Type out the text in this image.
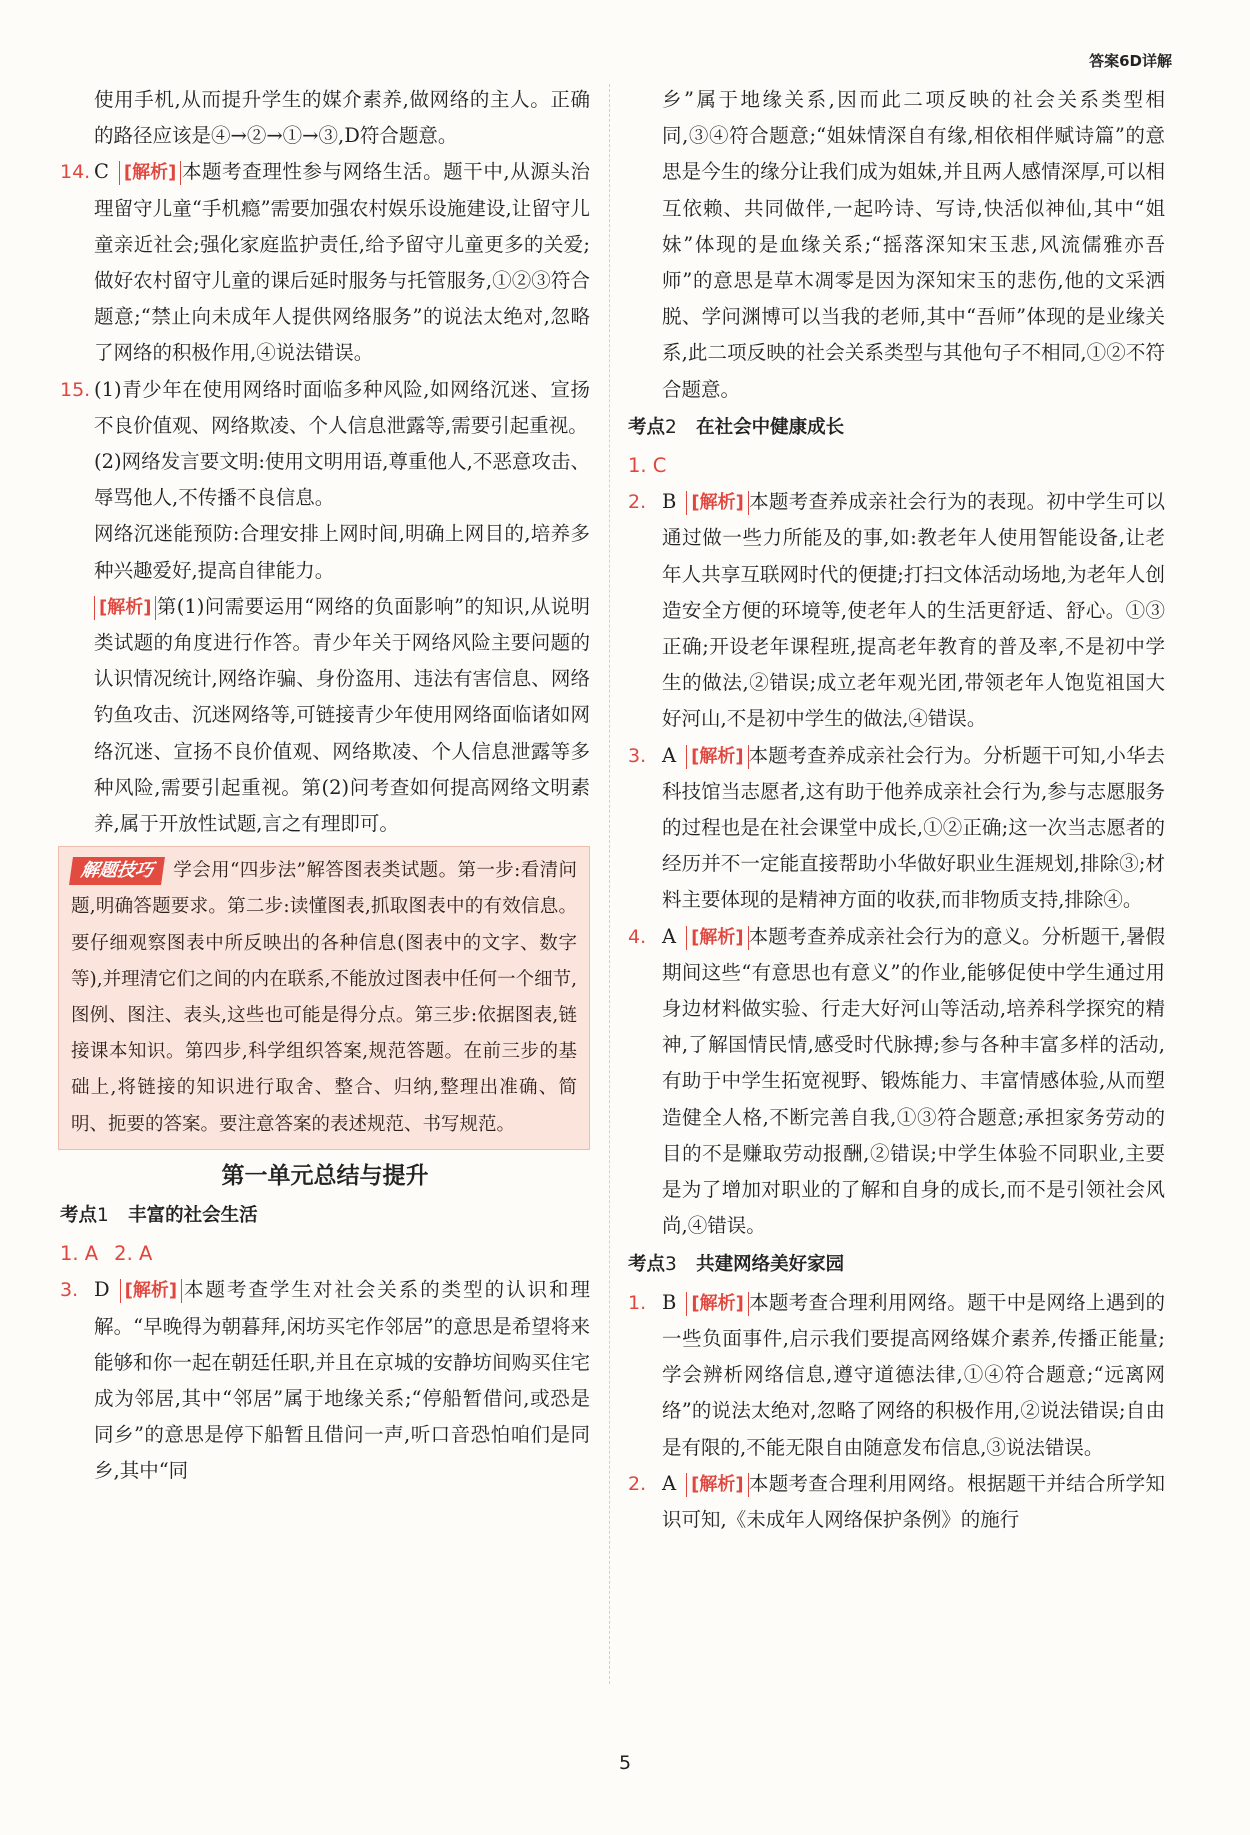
答案6D详解

使用手机,从而提升学生的媒介素养,做网络的主人。正确的路径应该是④→②→①→③,D符合题意。

14. C [解析] 本题考查理性参与网络生活。题干中,从源头治理留守儿童“手机瘾”需要加强农村娱乐设施建设,让留守儿童亲近社会;强化家庭监护责任,给予留守儿童更多的关爱;做好农村留守儿童的课后延时服务与托管服务,①②③符合题意;“禁止向未成年人提供网络服务”的说法太绝对,忽略了网络的积极作用,④说法错误。

15. (1)青少年在使用网络时面临多种风险,如网络沉迷、宣扬不良价值观、网络欺凌、个人信息泄露等,需要引起重视。

(2)网络发言要文明:使用文明用语,尊重他人,不恶意攻击、辱骂他人,不传播不良信息。

网络沉迷能预防:合理安排上网时间,明确上网目的,培养多种兴趣爱好,提高自律能力。

[解析] 第(1)问需要运用“网络的负面影响”的知识,从说明类试题的角度进行作答。青少年关于网络风险主要问题的认识情况统计,网络诈骗、身份盗用、违法有害信息、网络钓鱼攻击、沉迷网络等,可链接青少年使用网络面临诸如网络沉迷、宣扬不良价值观、网络欺凌、个人信息泄露等多种风险,需要引起重视。第(2)问考查如何提高网络文明素养,属于开放性试题,言之有理即可。

解题技巧 学会用“四步法”解答图表类试题。第一步:看清问题,明确答题要求。第二步:读懂图表,抓取图表中的有效信息。要仔细观察图表中所反映出的各种信息(图表中的文字、数字等),并理清它们之间的内在联系,不能放过图表中任何一个细节,图例、图注、表头,这些也可能是得分点。第三步:依据图表,链接课本知识。第四步,科学组织答案,规范答题。在前三步的基础上,将链接的知识进行取舍、整合、归纳,整理出准确、简明、扼要的答案。要注意答案的表述规范、书写规范。

第一单元总结与提升
考点1 丰富的社会生活
1. A 2. A
3. D [解析] 本题考查学生对社会关系的类型的认识和理解。“早晚得为朝暮拜,闲坊买宅作邻居”的意思是希望将来能够和你一起在朝廷任职,并且在京城的安静坊间购买住宅成为邻居,其中“邻居”属于地缘关系;“停船暂借问,或恐是同乡”的意思是停下船暂且借问一声,听口音恐怕咱们是同乡,其中“同

乡”属于地缘关系,因而此二项反映的社会关系类型相同,③④符合题意;“姐妹情深自有缘,相依相伴赋诗篇”的意思是今生的缘分让我们成为姐妹,并且两人感情深厚,可以相互依赖、共同做伴,一起吟诗、写诗,快活似神仙,其中“姐妹”体现的是血缘关系;“摇落深知宋玉悲,风流儒雅亦吾师”的意思是草木凋零是因为深知宋玉的悲伤,他的文采洒脱、学问渊博可以当我的老师,其中“吾师”体现的是业缘关系,此二项反映的社会关系类型与其他句子不相同,①②不符合题意。

考点2 在社会中健康成长
1. C
2. B [解析] 本题考查养成亲社会行为的表现。初中学生可以通过做一些力所能及的事,如:教老年人使用智能设备,让老年人共享互联网时代的便捷;打扫文体活动场地,为老年人创造安全方便的环境等,使老年人的生活更舒适、舒心。①③正确;开设老年课程班,提高老年教育的普及率,不是初中学生的做法,②错误;成立老年观光团,带领老年人饱览祖国大好河山,不是初中学生的做法,④错误。

3. A [解析] 本题考查养成亲社会行为。分析题干可知,小华去科技馆当志愿者,这有助于他养成亲社会行为,参与志愿服务的过程也是在社会课堂中成长,①②正确;这一次当志愿者的经历并不一定能直接帮助小华做好职业生涯规划,排除③;材料主要体现的是精神方面的收获,而非物质支持,排除④。

4. A [解析] 本题考查养成亲社会行为的意义。分析题干,暑假期间这些“有意思也有意义”的作业,能够促使中学生通过用身边材料做实验、行走大好河山等活动,培养科学探究的精神,了解国情民情,感受时代脉搏;参与各种丰富多样的活动,有助于中学生拓宽视野、锻炼能力、丰富情感体验,从而塑造健全人格,不断完善自我,①③符合题意;承担家务劳动的目的不是赚取劳动报酬,②错误;中学生体验不同职业,主要是为了增加对职业的了解和自身的成长,而不是引领社会风尚,④错误。

考点3 共建网络美好家园
1. B [解析] 本题考查合理利用网络。题干中是网络上遇到的一些负面事件,启示我们要提高网络媒介素养,传播正能量;学会辨析网络信息,遵守道德法律,①④符合题意;“远离网络”的说法太绝对,忽略了网络的积极作用,②说法错误;自由是有限的,不能无限自由随意发布信息,③说法错误。

2. A [解析] 本题考查合理利用网络。根据题干并结合所学知识可知,《未成年人网络保护条例》的施行

5
